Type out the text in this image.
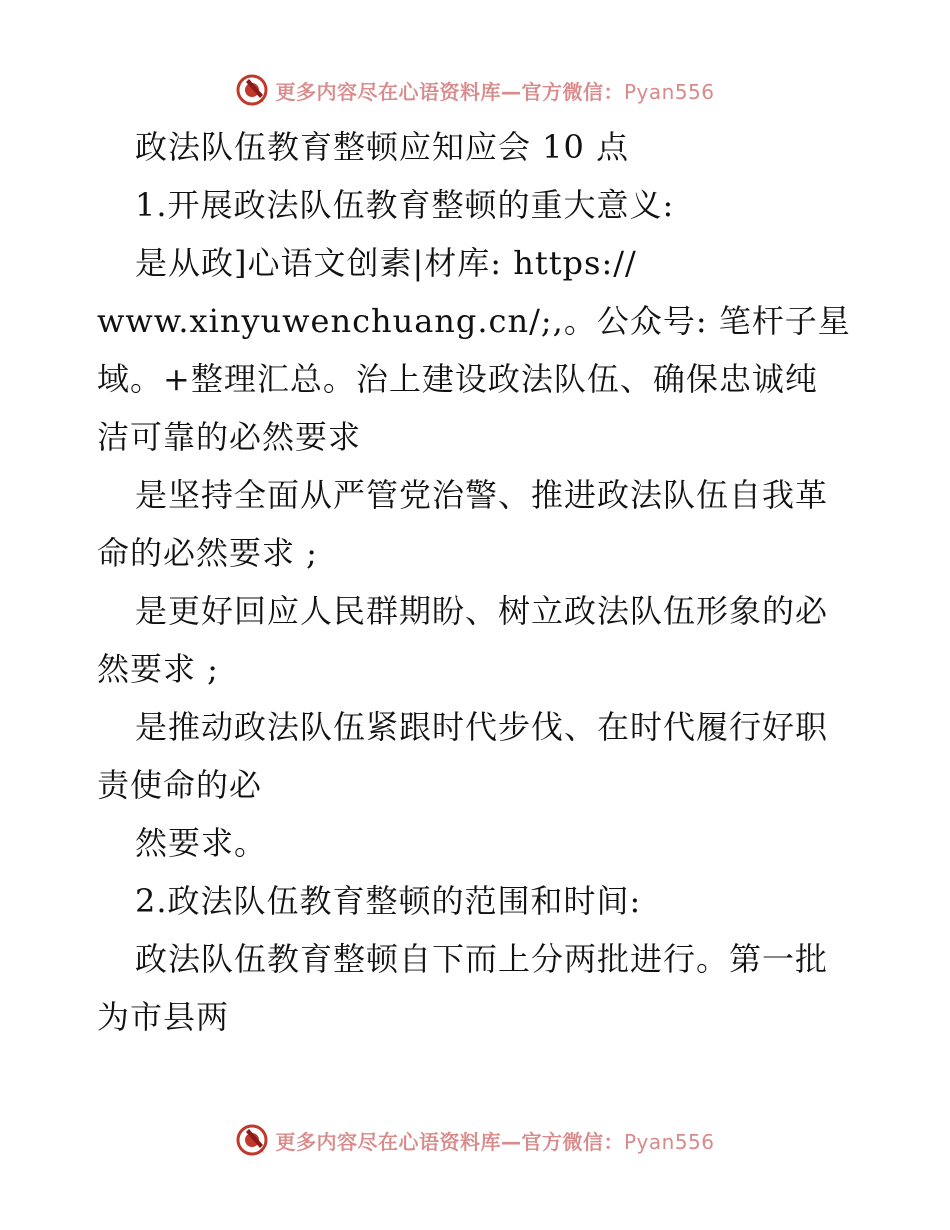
更多内容尽在心语资料库—官方微信：Pyan556
政法队伍教育整顿应知应会 10 点
1.开展政法队伍教育整顿的重大意义:
是从政]心语文创素|材库: https://
www.xinyuwenchuang.cn/;,。公众号: 笔杆子星
域。+整理汇总。治上建设政法队伍、确保忠诚纯
洁可靠的必然要求
是坚持全面从严管党治警、推进政法队伍自我革
命的必然要求 ;
是更好回应人民群期盼、树立政法队伍形象的必
然要求 ;
是推动政法队伍紧跟时代步伐、在时代履行好职
责使命的必
然要求。
2.政法队伍教育整顿的范围和时间:
政法队伍教育整顿自下而上分两批进行。第一批
为市县两
更多内容尽在心语资料库—官方微信：Pyan556
